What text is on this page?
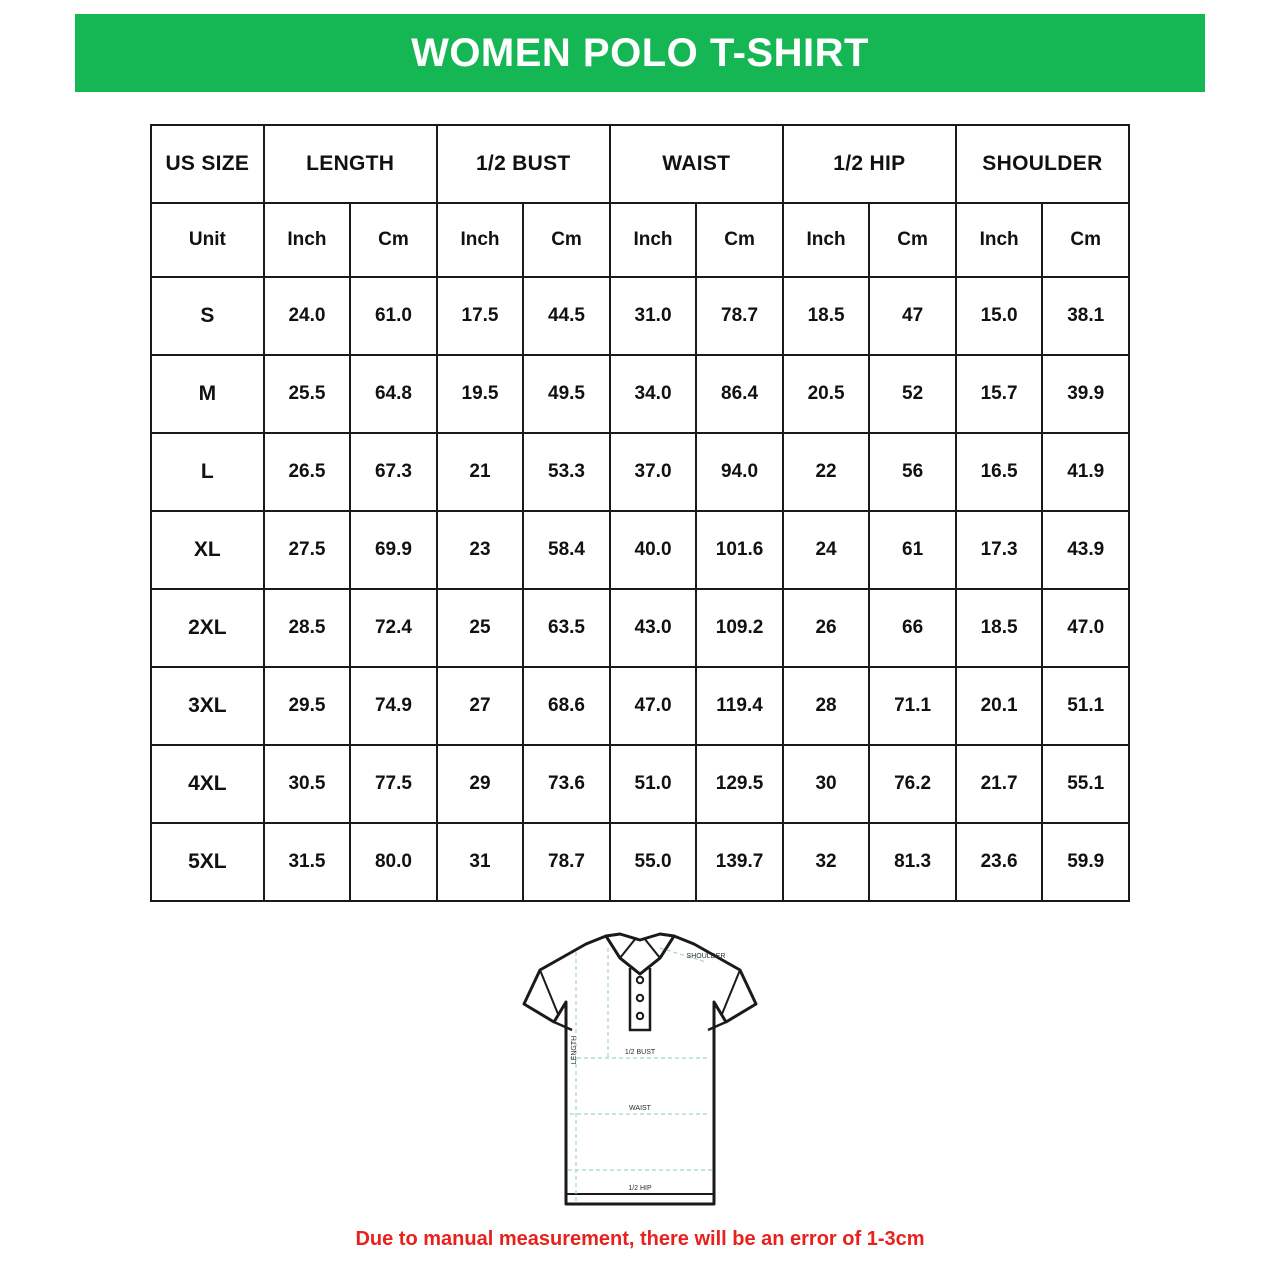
WOMEN POLO T-SHIRT
US SIZE	LENGTH		1/2 BUST		WAIST		1/2 HIP		SHOULDER	
Unit	Inch	Cm	Inch	Cm	Inch	Cm	Inch	Cm	Inch	Cm
S	24.0	61.0	17.5	44.5	31.0	78.7	18.5	47	15.0	38.1
M	25.5	64.8	19.5	49.5	34.0	86.4	20.5	52	15.7	39.9
L	26.5	67.3	21	53.3	37.0	94.0	22	56	16.5	41.9
XL	27.5	69.9	23	58.4	40.0	101.6	24	61	17.3	43.9
2XL	28.5	72.4	25	63.5	43.0	109.2	26	66	18.5	47.0
3XL	29.5	74.9	27	68.6	47.0	119.4	28	71.1	20.1	51.1
4XL	30.5	77.5	29	73.6	51.0	129.5	30	76.2	21.7	55.1
5XL	31.5	80.0	31	78.7	55.0	139.7	32	81.3	23.6	59.9
LENGTH
SHOULDER
1/2 BUST
WAIST
1/2 HIP
Due to manual measurement, there will be an error of 1-3cm
